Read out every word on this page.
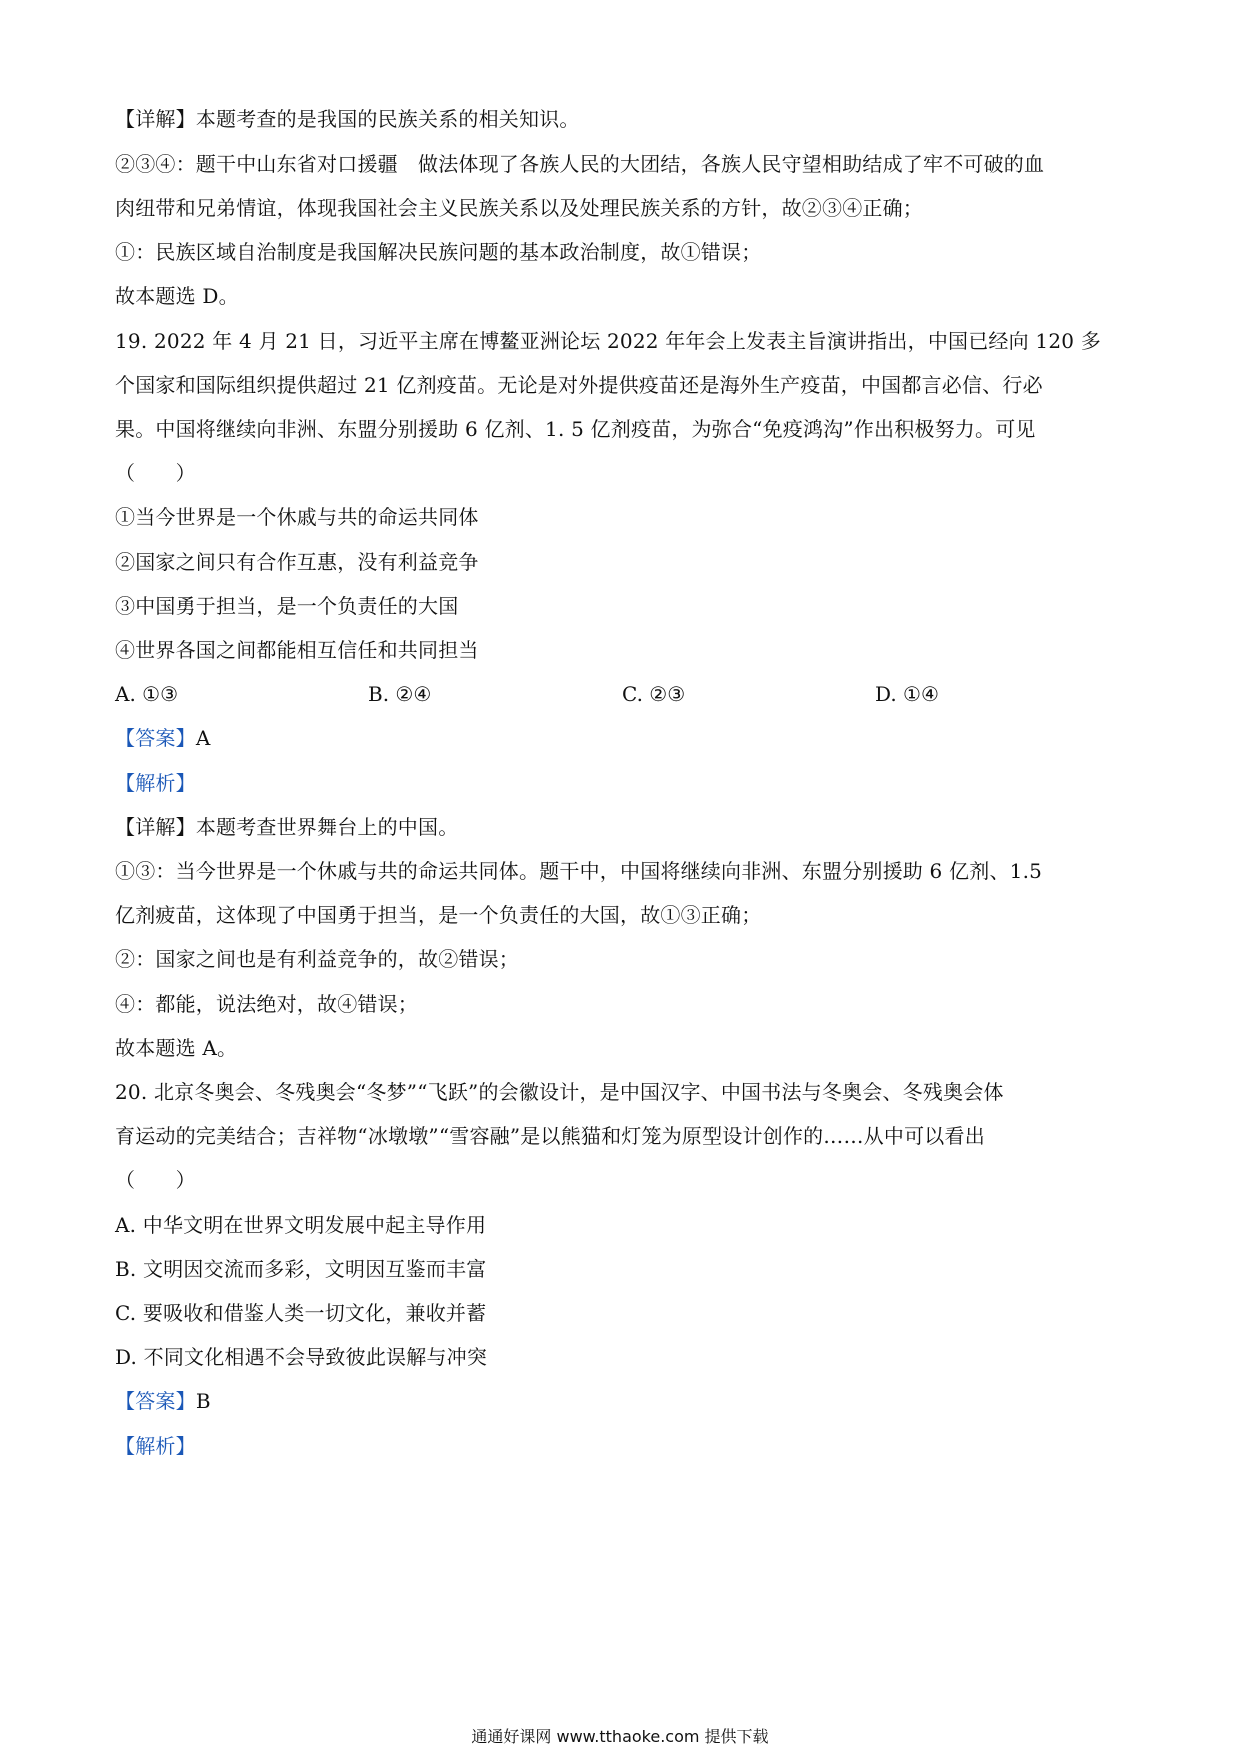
【详解】本题考查的是我国的民族关系的相关知识。
②③④：题干中山东省对口援疆　做法体现了各族人民的大团结，各族人民守望相助结成了牢不可破的血
肉纽带和兄弟情谊，体现我国社会主义民族关系以及处理民族关系的方针，故②③④正确；
①：民族区域自治制度是我国解决民族问题的基本政治制度，故①错误；
故本题选 D。
19. 2022 年 4 月 21 日，习近平主席在博鳌亚洲论坛 2022 年年会上发表主旨演讲指出，中国已经向 120 多
个国家和国际组织提供超过 21 亿剂疫苗。无论是对外提供疫苗还是海外生产疫苗，中国都言必信、行必
果。中国将继续向非洲、东盟分别援助 6 亿剂、1. 5 亿剂疫苗，为弥合“免疫鸿沟”作出积极努力。可见
（　　）
①当今世界是一个休戚与共的命运共同体
②国家之间只有合作互惠，没有利益竞争
③中国勇于担当，是一个负责任的大国
④世界各国之间都能相互信任和共同担当
A. ①③	B. ②④	C. ②③	D. ①④
【答案】A
【解析】
【详解】本题考查世界舞台上的中国。
①③：当今世界是一个休戚与共的命运共同体。题干中，中国将继续向非洲、东盟分别援助 6 亿剂、1.5
亿剂疲苗，这体现了中国勇于担当，是一个负责任的大国，故①③正确；
②：国家之间也是有利益竞争的，故②错误；
④：都能，说法绝对，故④错误；
故本题选 A。
20. 北京冬奥会、冬残奥会“冬梦”“飞跃”的会徽设计，是中国汉字、中国书法与冬奥会、冬残奥会体
育运动的完美结合；吉祥物“冰墩墩”“雪容融”是以熊猫和灯笼为原型设计创作的……从中可以看出
（　　）
A. 中华文明在世界文明发展中起主导作用
B. 文明因交流而多彩，文明因互鉴而丰富
C. 要吸收和借鉴人类一切文化，兼收并蓄
D. 不同文化相遇不会导致彼此误解与冲突
【答案】B
【解析】
通通好课网 www.tthaoke.com 提供下载
